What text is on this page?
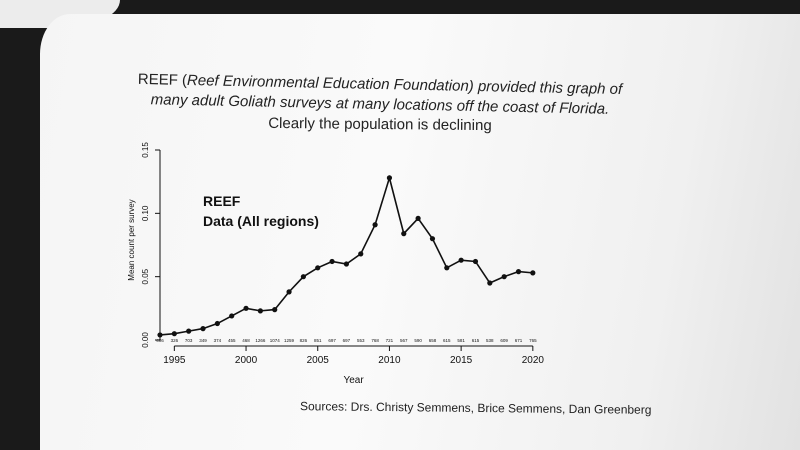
REEF (Reef Environmental Education Foundation) provided this graph of

many adult Goliath surveys at many locations off the coast of Florida.

Clearly the population is declining

0.00
0.05
0.10
0.15
1995	2000	2005	2010	2015	2020
Year
Mean count per survey	REEF
Data (All regions)
496 326 703 349 374 455 468 1266 1074 1259 826 851 697 697 553 768 721 567 590 658 615 581 615 538 609 671 765
Sources: Drs. Christy Semmens, Brice Semmens, Dan Greenberg
